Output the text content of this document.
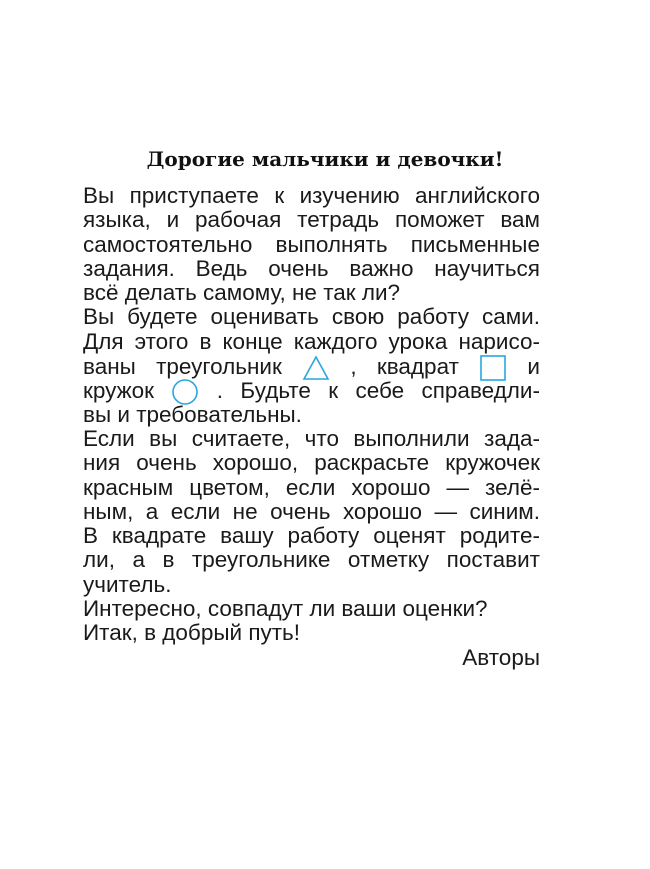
Дорогие мальчики и девочки!
Вы приступаете к изучению английского
языка, и рабочая тетрадь поможет вам
самостоятельно выполнять письменные
задания. Ведь очень важно научиться
всё делать самому, не так ли?
Вы будете оценивать свою работу сами.
Для этого в конце каждого урока нарисо-
ваны треугольник	, квадрат	и
кружок	. Будьте к себе справедли-
вы и требовательны.
Если вы считаете, что выполнили зада-
ния очень хорошо, раскрасьте кружочек
красным цветом, если хорошо — зелё-
ным, а если не очень хорошо — синим.
В квадрате вашу работу оценят родите-
ли, а в треугольнике отметку поставит
учитель.
Интересно, совпадут ли ваши оценки?
Итак, в добрый путь!
Авторы
